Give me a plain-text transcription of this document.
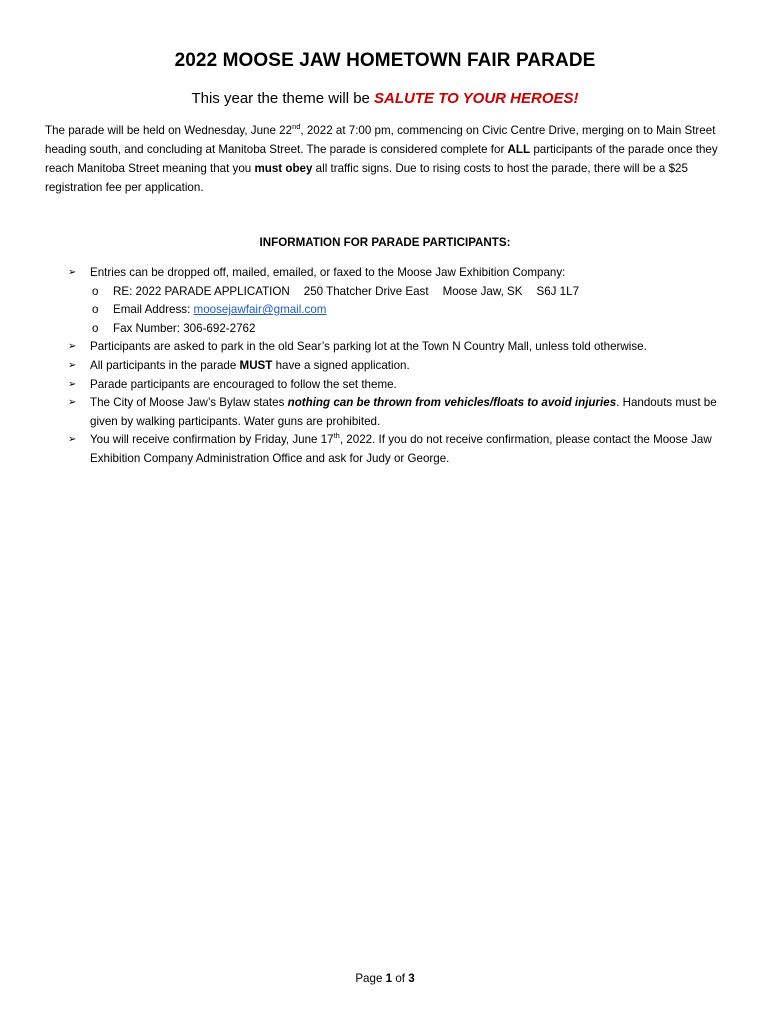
2022 MOOSE JAW HOMETOWN FAIR PARADE
This year the theme will be SALUTE TO YOUR HEROES!

The parade will be held on Wednesday, June 22nd, 2022 at 7:00 pm, commencing on Civic Centre Drive, merging on to Main Street heading south, and concluding at Manitoba Street. The parade is considered complete for ALL participants of the parade once they reach Manitoba Street meaning that you must obey all traffic signs. Due to rising costs to host the parade, there will be a $25 registration fee per application.

INFORMATION FOR PARADE PARTICIPANTS:
➢ Entries can be dropped off, mailed, emailed, or faxed to the Moose Jaw Exhibition Company:
o RE: 2022 PARADE APPLICATION 250 Thatcher Drive East Moose Jaw, SK S6J 1L7
o Email Address: moosejawfair@gmail.com
o Fax Number: 306-692-2762
➢ Participants are asked to park in the old Sear’s parking lot at the Town N Country Mall, unless told otherwise.
➢ All participants in the parade MUST have a signed application.
➢ Parade participants are encouraged to follow the set theme.
➢ The City of Moose Jaw’s Bylaw states nothing can be thrown from vehicles/floats to avoid injuries. Handouts must be given by walking participants. Water guns are prohibited.
➢ You will receive confirmation by Friday, June 17th, 2022. If you do not receive confirmation, please contact the Moose Jaw Exhibition Company Administration Office and ask for Judy or George.
Page 1 of 3
